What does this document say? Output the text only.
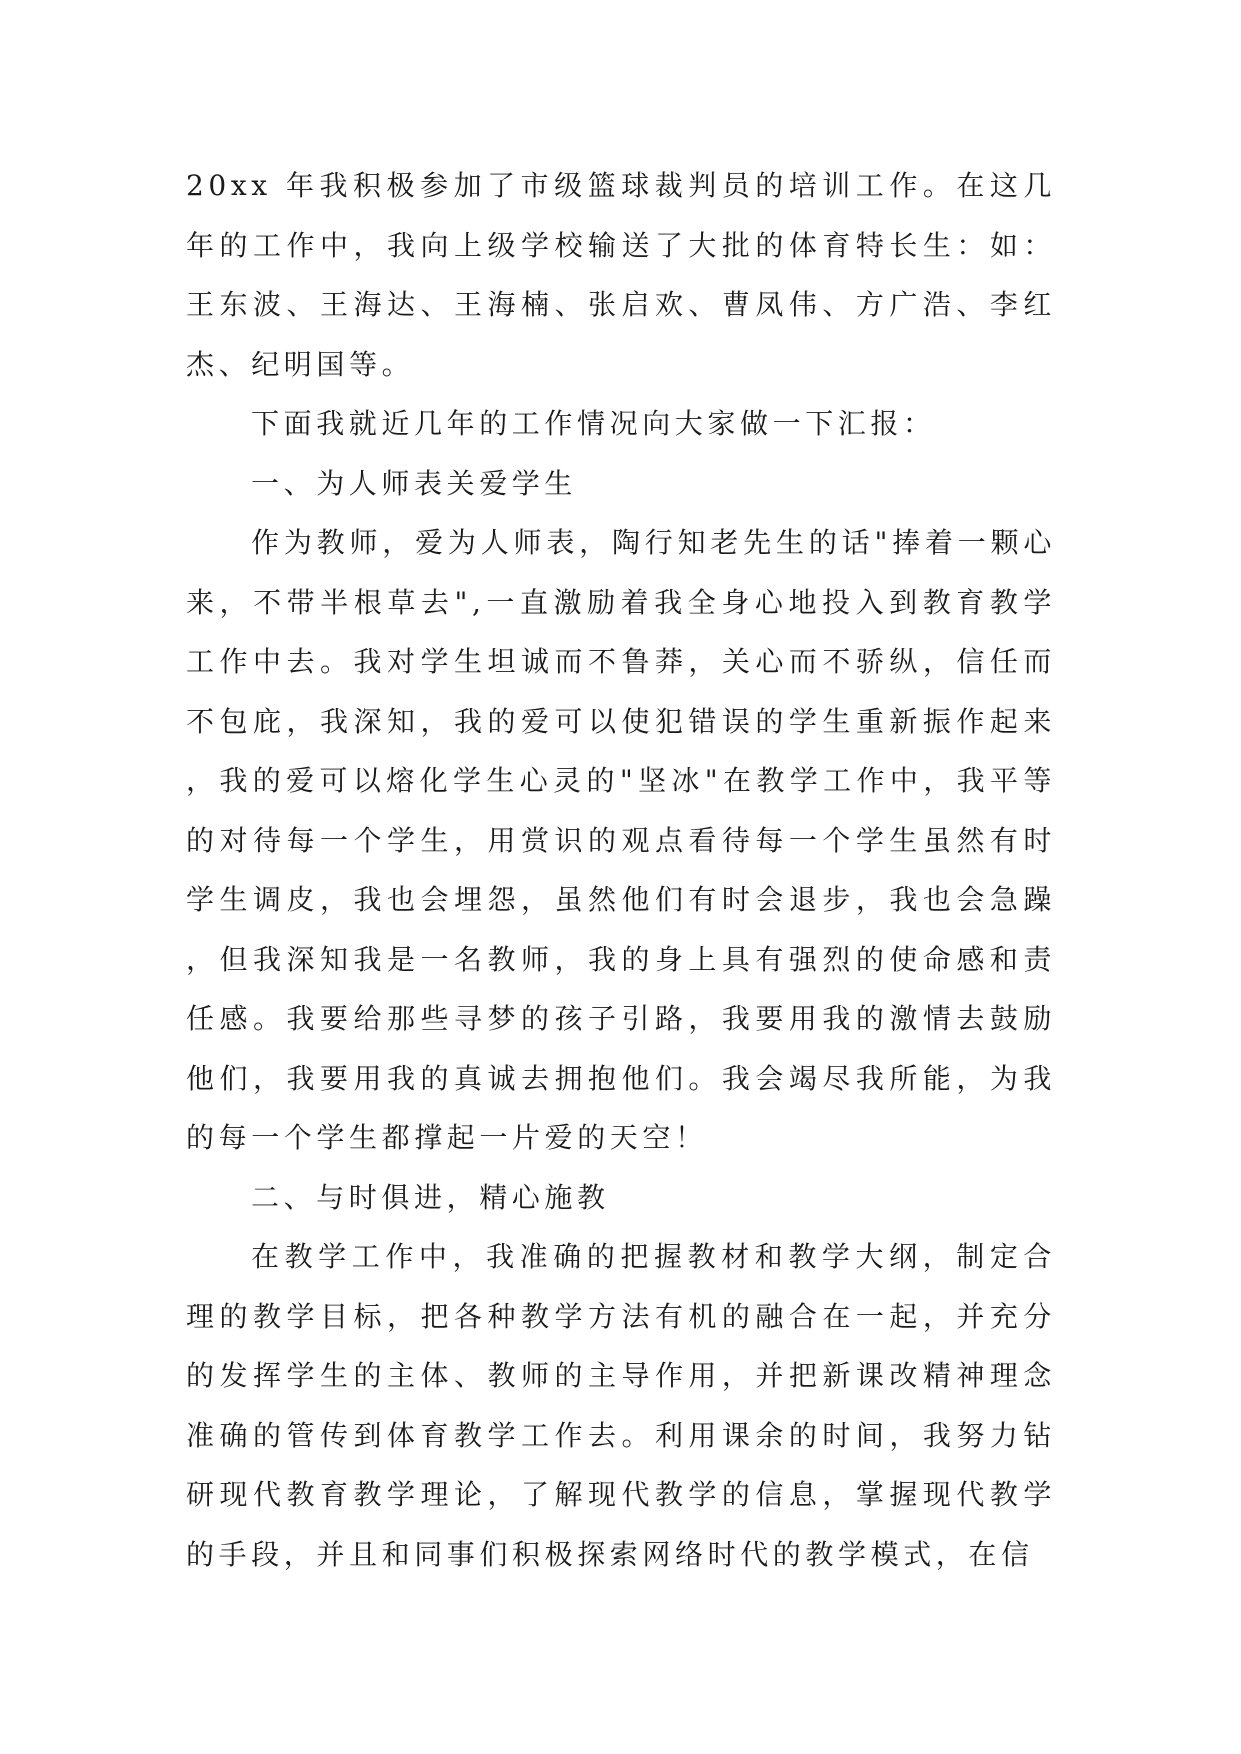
20xx 年我积极参加了市级篮球裁判员的培训工作。在这几年的工作中，我向上级学校输送了大批的体育特长生：如：王东波、王海达、王海楠、张启欢、曹凤伟、方广浩、李红杰、纪明国等。

下面我就近几年的工作情况向大家做一下汇报：

一、为人师表关爱学生

作为教师，爱为人师表，陶行知老先生的话"捧着一颗心来，不带半根草去",一直激励着我全身心地投入到教育教学工作中去。我对学生坦诚而不鲁莽，关心而不骄纵，信任而不包庇，我深知，我的爱可以使犯错误的学生重新振作起来，我的爱可以熔化学生心灵的"坚冰"在教学工作中，我平等的对待每一个学生，用赏识的观点看待每一个学生虽然有时学生调皮，我也会埋怨，虽然他们有时会退步，我也会急躁，但我深知我是一名教师，我的身上具有强烈的使命感和责任感。我要给那些寻梦的孩子引路，我要用我的激情去鼓励他们，我要用我的真诚去拥抱他们。我会竭尽我所能，为我的每一个学生都撑起一片爱的天空！

二、与时俱进，精心施教

在教学工作中，我准确的把握教材和教学大纲，制定合理的教学目标，把各种教学方法有机的融合在一起，并充分的发挥学生的主体、教师的主导作用，并把新课改精神理念准确的管传到体育教学工作去。利用课余的时间，我努力钻研现代教育教学理论，了解现代教学的信息，掌握现代教学的手段，并且和同事们积极探索网络时代的教学模式，在信
